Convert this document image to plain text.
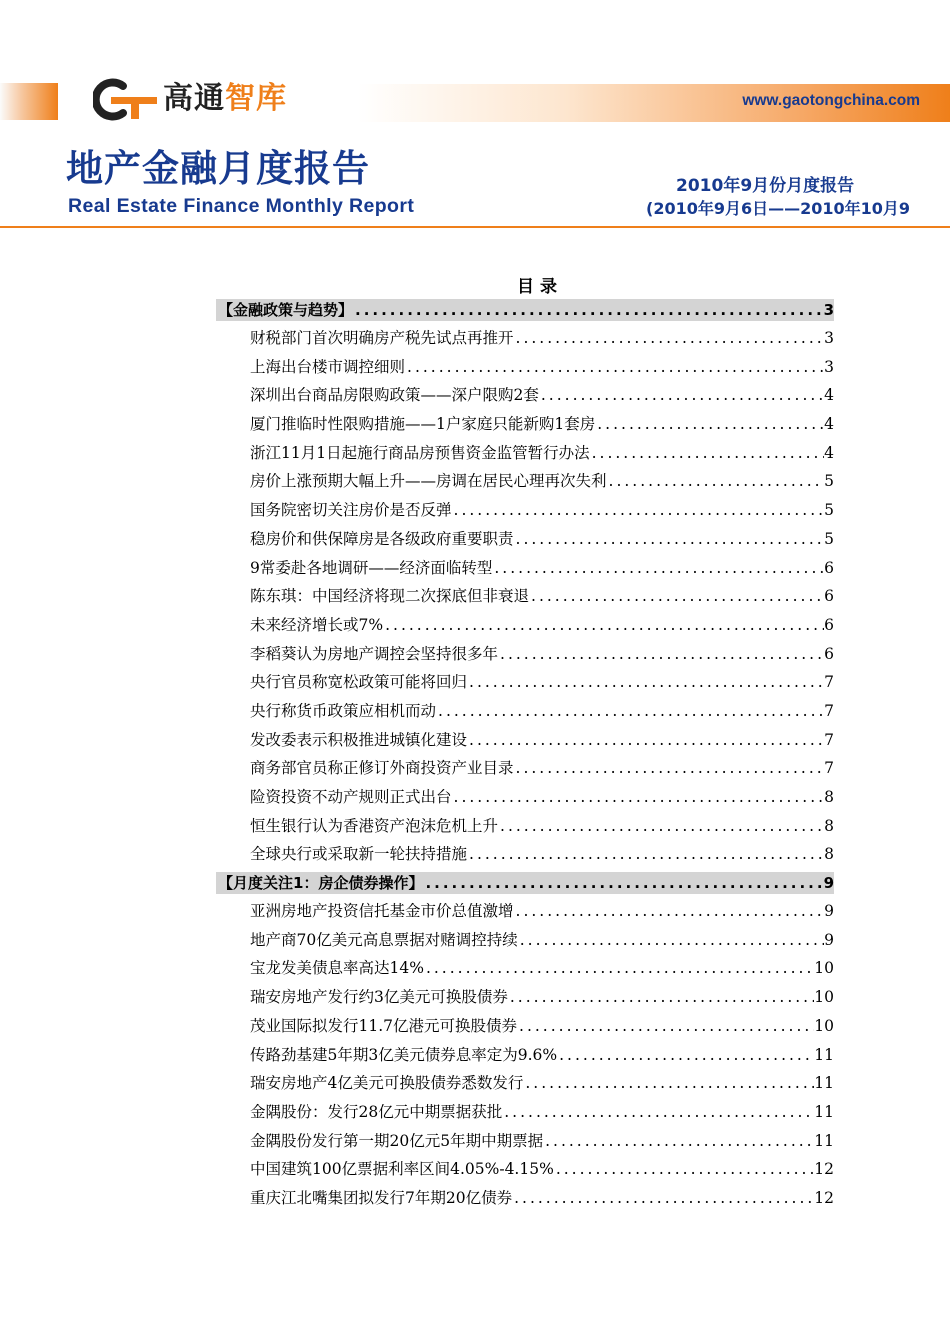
高通 智库	www.gaotongchina.com
地产金融月度报告
Real Estate Finance Monthly Report
2010年9月份月度报告
(2010年9月6日——2010年10月9
目 录
【金融政策与趋势】 .....	3
财税部门首次明确房产税先试点再推开 .....	3
上海出台楼市调控细则 .....	3
深圳出台商品房限购政策——深户限购2套 .....	4
厦门推临时性限购措施——1户家庭只能新购1套房 .....	4
浙江11月1日起施行商品房预售资金监管暂行办法 .....	4
房价上涨预期大幅上升——房调在居民心理再次失利 .....	5
国务院密切关注房价是否反弹 .....	5
稳房价和供保障房是各级政府重要职责 .....	5
9常委赴各地调研——经济面临转型 .....	6
陈东琪：中国经济将现二次探底但非衰退 .....	6
未来经济增长或7% .....	6
李稻葵认为房地产调控会坚持很多年 .....	6
央行官员称宽松政策可能将回归 .....	7
央行称货币政策应相机而动 .....	7
发改委表示积极推进城镇化建设 .....	7
商务部官员称正修订外商投资产业目录 .....	7
险资投资不动产规则正式出台 .....	8
恒生银行认为香港资产泡沫危机上升 .....	8
全球央行或采取新一轮扶持措施 .....	8
【月度关注1：房企债券操作】 .....	9
亚洲房地产投资信托基金市价总值激增 .....	9
地产商70亿美元高息票据对赌调控持续 .....	9
宝龙发美债息率高达14% .....	10
瑞安房地产发行约3亿美元可换股债券 .....	10
茂业国际拟发行11.7亿港元可换股债券 .....	10
传路劲基建5年期3亿美元债券息率定为9.6% .....	11
瑞安房地产4亿美元可换股债券悉数发行 .....	11
金隅股份：发行28亿元中期票据获批 .....	11
金隅股份发行第一期20亿元5年期中期票据 .....	11
中国建筑100亿票据利率区间4.05%-4.15% .....	12
重庆江北嘴集团拟发行7年期20亿债券 .....	12
